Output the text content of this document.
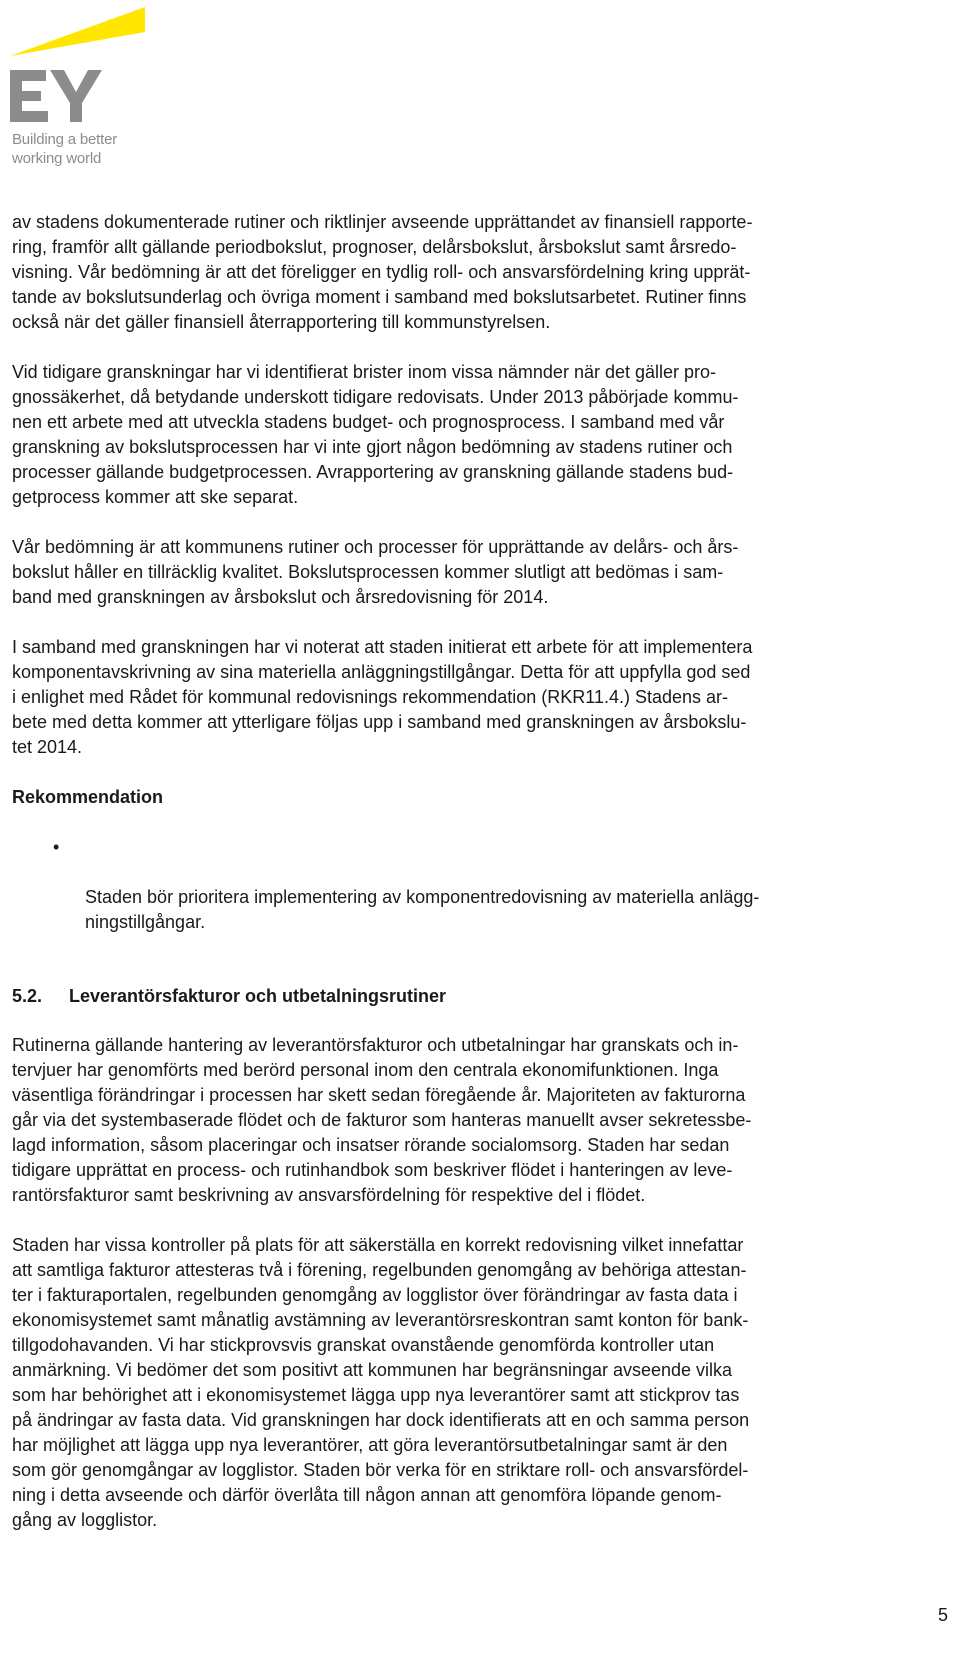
Building a better
working world

av stadens dokumenterade rutiner och riktlinjer avseende upprättandet av finansiell rapporte-
ring, framför allt gällande periodbokslut, prognoser, delårsbokslut, årsbokslut samt årsredo-
visning. Vår bedömning är att det föreligger en tydlig roll- och ansvarsfördelning kring upprät-
tande av bokslutsunderlag och övriga moment i samband med bokslutsarbetet. Rutiner finns
också när det gäller finansiell återrapportering till kommunstyrelsen.

Vid tidigare granskningar har vi identifierat brister inom vissa nämnder när det gäller pro-
gnossäkerhet, då betydande underskott tidigare redovisats. Under 2013 påbörjade kommu-
nen ett arbete med att utveckla stadens budget- och prognosprocess. I samband med vår
granskning av bokslutsprocessen har vi inte gjort någon bedömning av stadens rutiner och
processer gällande budgetprocessen. Avrapportering av granskning gällande stadens bud-
getprocess kommer att ske separat.

Vår bedömning är att kommunens rutiner och processer för upprättande av delårs- och års-
bokslut håller en tillräcklig kvalitet. Bokslutsprocessen kommer slutligt att bedömas i sam-
band med granskningen av årsbokslut och årsredovisning för 2014.

I samband med granskningen har vi noterat att staden initierat ett arbete för att implementera
komponentavskrivning av sina materiella anläggningstillgångar. Detta för att uppfylla god sed
i enlighet med Rådet för kommunal redovisnings rekommendation (RKR11.4.) Stadens ar-
bete med detta kommer att ytterligare följas upp i samband med granskningen av årsbokslu-
tet 2014.

Rekommendation

•

Staden bör prioritera implementering av komponentredovisning av materiella anlägg-
ningstillgångar.

5.2.	Leverantörsfakturor och utbetalningsrutiner

Rutinerna gällande hantering av leverantörsfakturor och utbetalningar har granskats och in-
tervjuer har genomförts med berörd personal inom den centrala ekonomifunktionen. Inga
väsentliga förändringar i processen har skett sedan föregående år. Majoriteten av fakturorna
går via det systembaserade flödet och de fakturor som hanteras manuellt avser sekretessbe-
lagd information, såsom placeringar och insatser rörande socialomsorg. Staden har sedan
tidigare upprättat en process- och rutinhandbok som beskriver flödet i hanteringen av leve-
rantörsfakturor samt beskrivning av ansvarsfördelning för respektive del i flödet.

Staden har vissa kontroller på plats för att säkerställa en korrekt redovisning vilket innefattar
att samtliga fakturor attesteras två i förening, regelbunden genomgång av behöriga attestan-
ter i fakturaportalen, regelbunden genomgång av logglistor över förändringar av fasta data i
ekonomisystemet samt månatlig avstämning av leverantörsreskontran samt konton för bank-
tillgodohavanden. Vi har stickprovsvis granskat ovanstående genomförda kontroller utan
anmärkning. Vi bedömer det som positivt att kommunen har begränsningar avseende vilka
som har behörighet att i ekonomisystemet lägga upp nya leverantörer samt att stickprov tas
på ändringar av fasta data. Vid granskningen har dock identifierats att en och samma person
har möjlighet att lägga upp nya leverantörer, att göra leverantörsutbetalningar samt är den
som gör genomgångar av logglistor. Staden bör verka för en striktare roll- och ansvarsfördel-
ning i detta avseende och därför överlåta till någon annan att genomföra löpande genom-
gång av logglistor.

5
